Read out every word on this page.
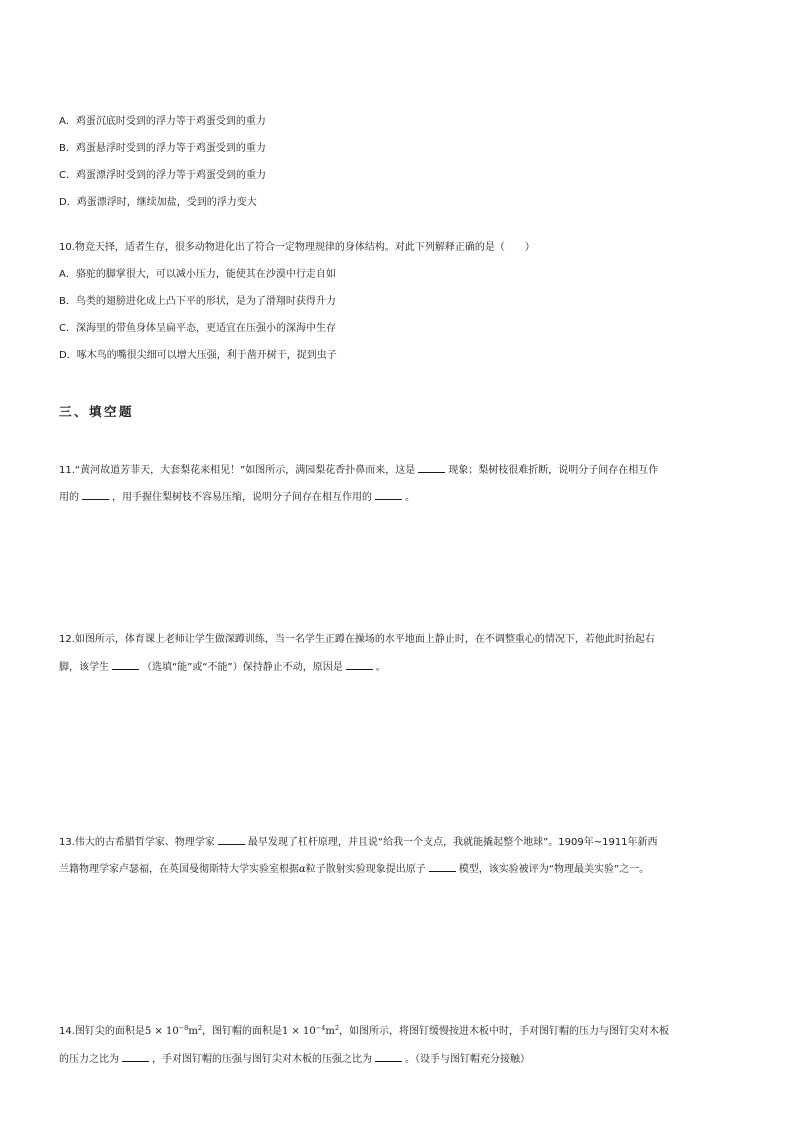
A．鸡蛋沉底时受到的浮力等于鸡蛋受到的重力
B．鸡蛋悬浮时受到的浮力等于鸡蛋受到的重力
C．鸡蛋漂浮时受到的浮力等于鸡蛋受到的重力
D．鸡蛋漂浮时，继续加盐，受到的浮力变大
10.物竞天择，适者生存，很多动物进化出了符合一定物理规律的身体结构。对此下列解释正确的是（　　）
A．骆驼的脚掌很大，可以减小压力，能使其在沙漠中行走自如
B．鸟类的翅膀进化成上凸下平的形状，是为了滑翔时获得升力
C．深海里的带鱼身体呈扁平态，更适宜在压强小的深海中生存
D．啄木鸟的嘴很尖细可以增大压强，利于凿开树干，捉到虫子
三、填空题
11.“黄河故道芳菲天，大套梨花来相见！”如图所示，满园梨花香扑鼻而来，这是	现象；梨树枝很难折断，说明分子间存在相互作
用的	，用手握住梨树枝不容易压缩，说明分子间存在相互作用的	。
12.如图所示，体育课上老师让学生做深蹲训练，当一名学生正蹲在操场的水平地面上静止时，在不调整重心的情况下，若他此时抬起右
脚，该学生	（选填“能”或“不能”）保持静止不动，原因是	。
13.伟大的古希腊哲学家、物理学家	最早发现了杠杆原理，并且说“给我一个支点，我就能撬起整个地球”。1909年~1911年新西
兰籍物理学家卢瑟福，在英国曼彻斯特大学实验室根据α粒子散射实验现象提出原子	模型，该实验被评为“物理最美实验”之一。
14.图钉尖的面积是$5 \times 10^{-8}m^2$，图钉帽的面积是$1 \times 10^{-4}m^2$，如图所示，将图钉缓慢按进木板中时，手对图钉帽的压力与图钉尖对木板
的压力之比为	，手对图钉帽的压强与图钉尖对木板的压强之比为	。（设手与图钉帽充分接触）
